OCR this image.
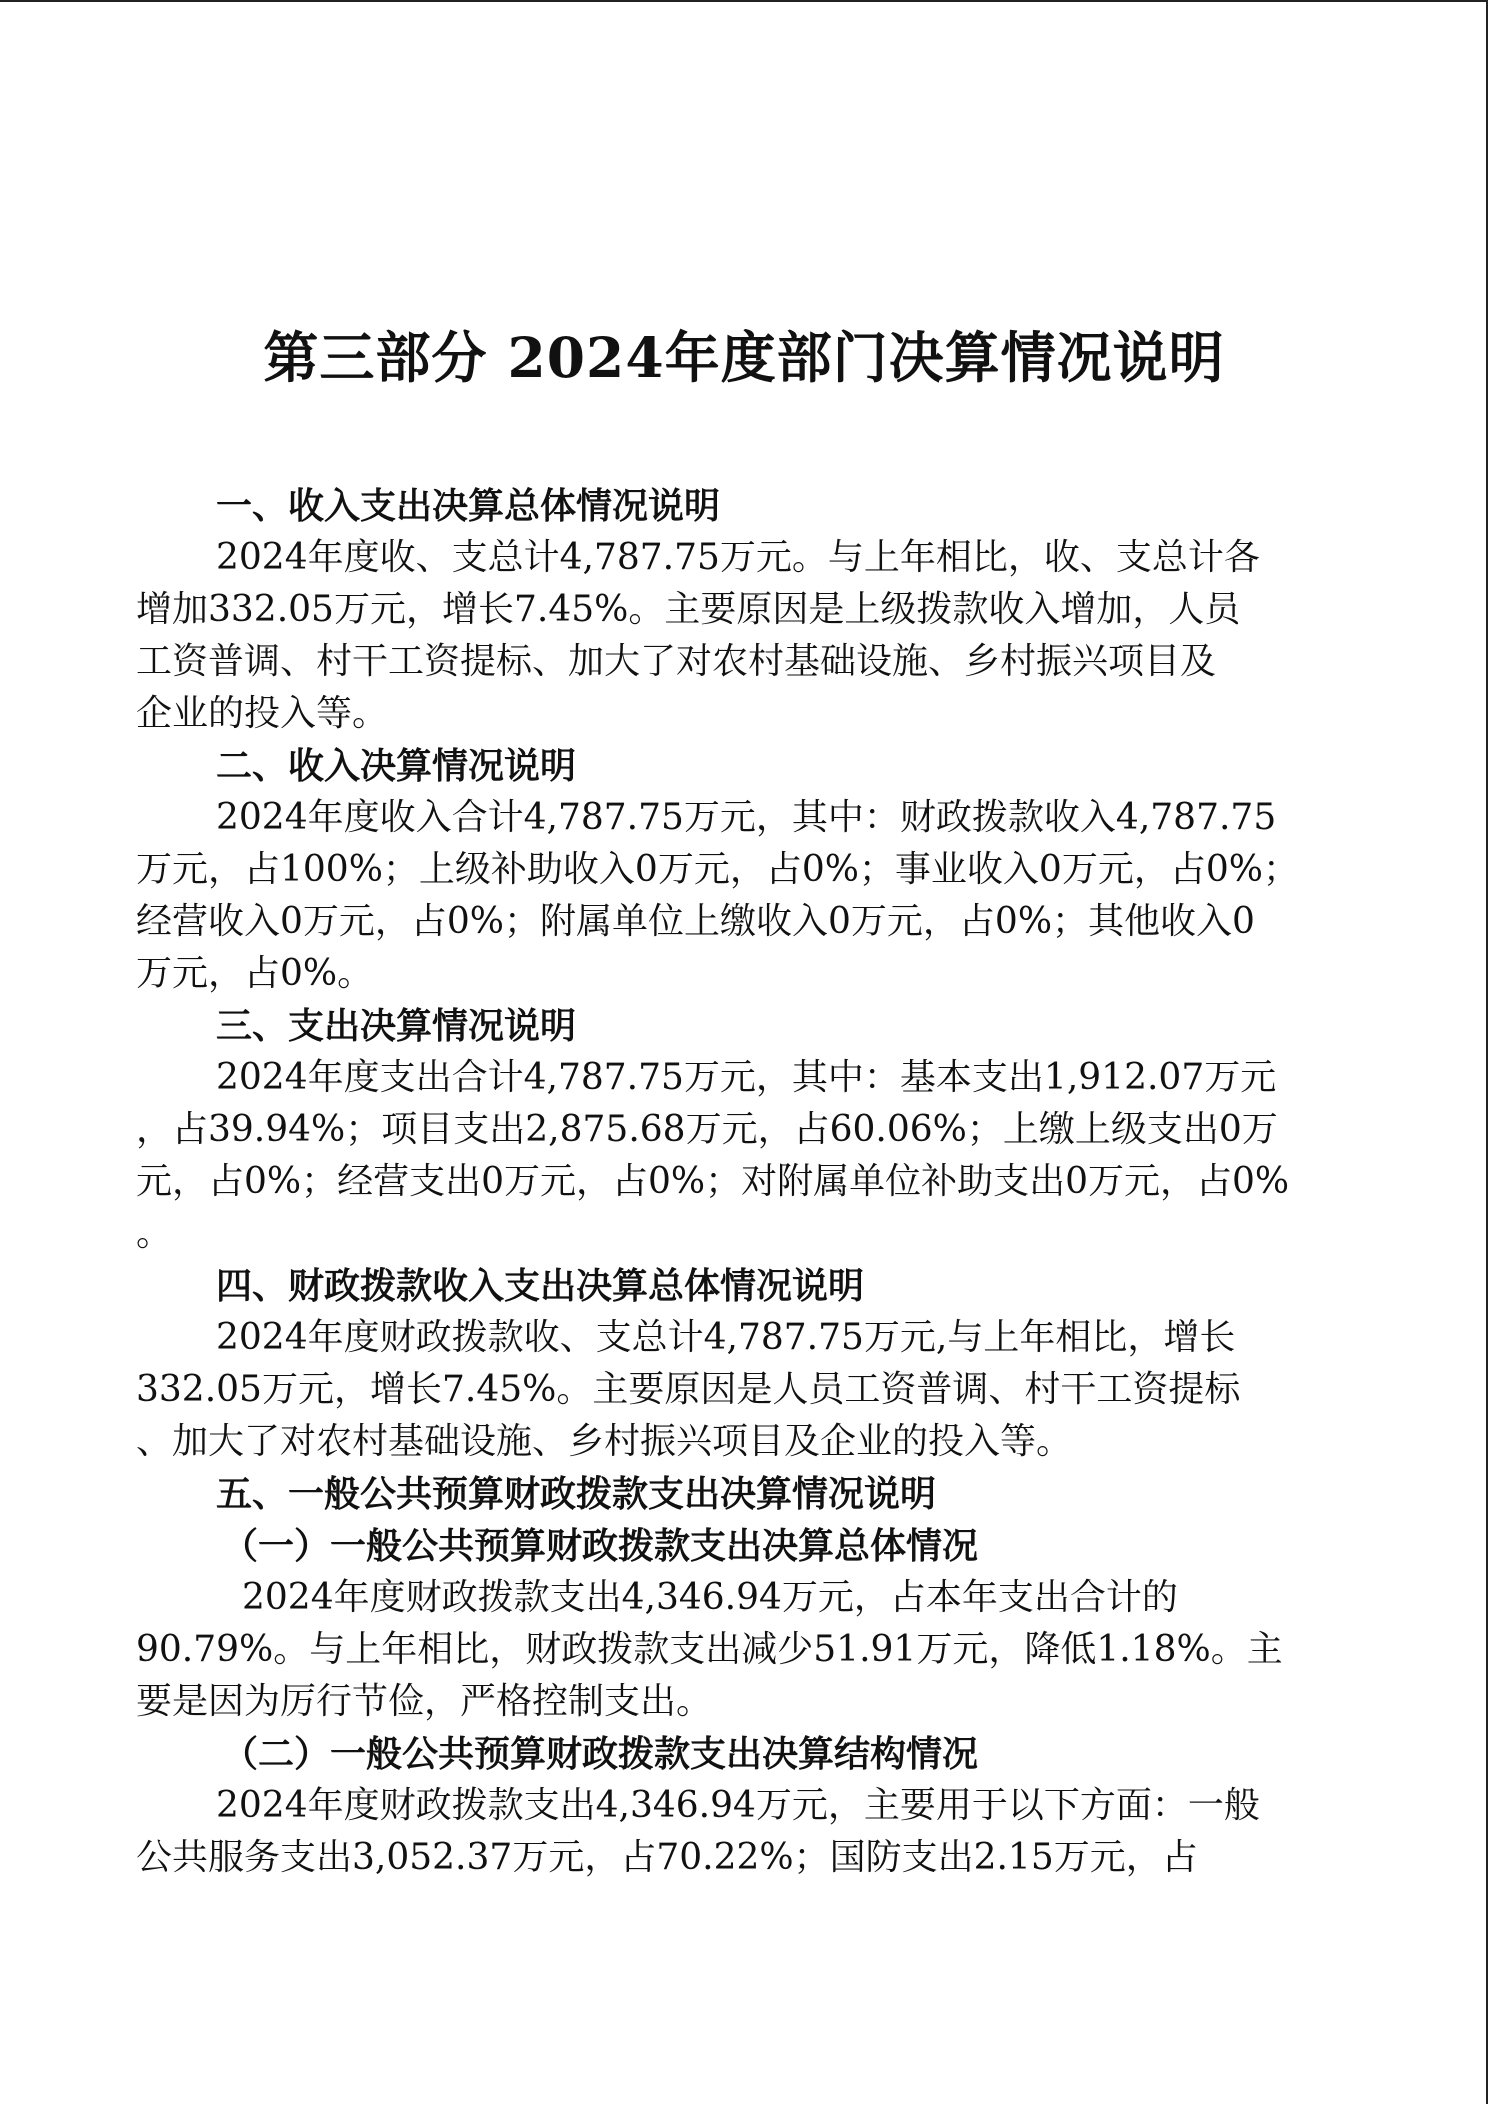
第三部分 2024年度部门决算情况说明
一、收入支出决算总体情况说明
2024年度收、支总计4,787.75万元。与上年相比，收、支总计各
增加332.05万元，增长7.45%。主要原因是上级拨款收入增加，人员
工资普调、村干工资提标、加大了对农村基础设施、乡村振兴项目及
企业的投入等。
二、收入决算情况说明
2024年度收入合计4,787.75万元，其中：财政拨款收入4,787.75
万元，占100%；上级补助收入0万元，占0%；事业收入0万元，占0%；
经营收入0万元，占0%；附属单位上缴收入0万元，占0%；其他收入0
万元，占0%。
三、支出决算情况说明
2024年度支出合计4,787.75万元，其中：基本支出1,912.07万元
，占39.94%；项目支出2,875.68万元，占60.06%；上缴上级支出0万
元，占0%；经营支出0万元，占0%；对附属单位补助支出0万元，占0%
。
四、财政拨款收入支出决算总体情况说明
2024年度财政拨款收、支总计4,787.75万元,与上年相比，增长
332.05万元，增长7.45%。主要原因是人员工资普调、村干工资提标
、加大了对农村基础设施、乡村振兴项目及企业的投入等。
五、一般公共预算财政拨款支出决算情况说明
（一）一般公共预算财政拨款支出决算总体情况
2024年度财政拨款支出4,346.94万元，占本年支出合计的
90.79%。与上年相比，财政拨款支出减少51.91万元，降低1.18%。主
要是因为厉行节俭，严格控制支出。
（二）一般公共预算财政拨款支出决算结构情况
2024年度财政拨款支出4,346.94万元，主要用于以下方面：一般
公共服务支出3,052.37万元，占70.22%；国防支出2.15万元，占
